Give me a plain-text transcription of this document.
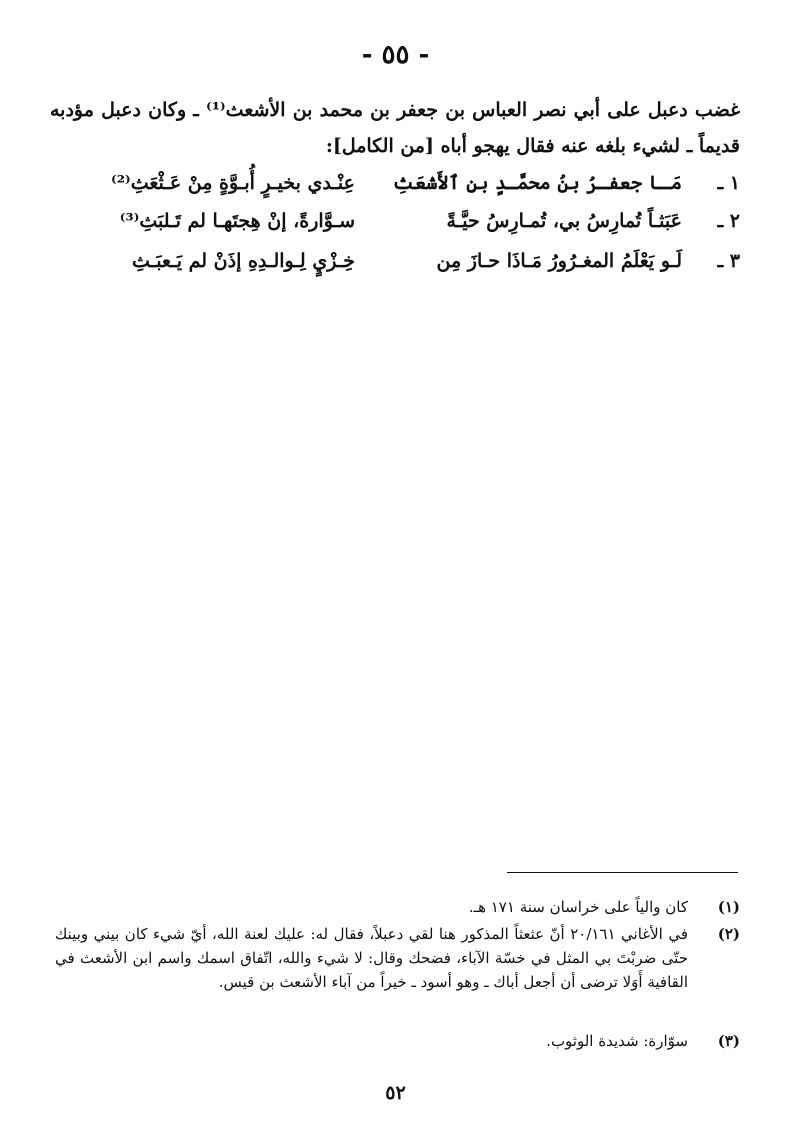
- ٥٥ -
غضب دعبل على أبي نصر العباس بن جعفر بن محمد بن الأشعث⁽¹⁾ ـ وكان دعبل مؤدبه قديماً ـ لشيء بلغه عنه فقال يهجو أباه [من الكامل]:
١ ـ
مَـا جعفـرُ بنُ محمَّـدٍ بنِ ٱلأَشعَثِ
عِنْـدي بخيـرٍ أُبـوَّةٍ مِنْ عَـثْعَثِ⁽²⁾
٢ ـ
عَبَثـاً تُمارِسُ بي، تُمـارِسُ حيَّـةً
سـوَّارةً، إنْ هِجتَهـا لم تَـلبَثِ⁽³⁾
٣ ـ
لَـو يَعْلَمُ المغـرُورُ مَـاذَا حـازَ مِن
خِـزْيٍ لِـوالـدِهِ إذَنْ لم يَـعبَـثِ
(١)
كان والياً على خراسان سنة ١٧١ هـ.
(٢)
في الأغاني ٢٠/١٦١ أنّ عثعثاً المذكور هنا لقي دعبلاً، فقال له: عليك لعنة الله، أيّ شيء كان بيني وبينك حتّى ضربْتَ بي المثل في خسّة الآباء، فضحك وقال: لا شيء والله، اتّفاق اسمك واسم ابن الأشعث في القافية أَوَلا ترضى أن أجعل أباك ـ وهو أسود ـ خيراً من آباء الأشعث بن قيس.
(٣)
سوّارة: شديدة الوثوب.
٥٢
